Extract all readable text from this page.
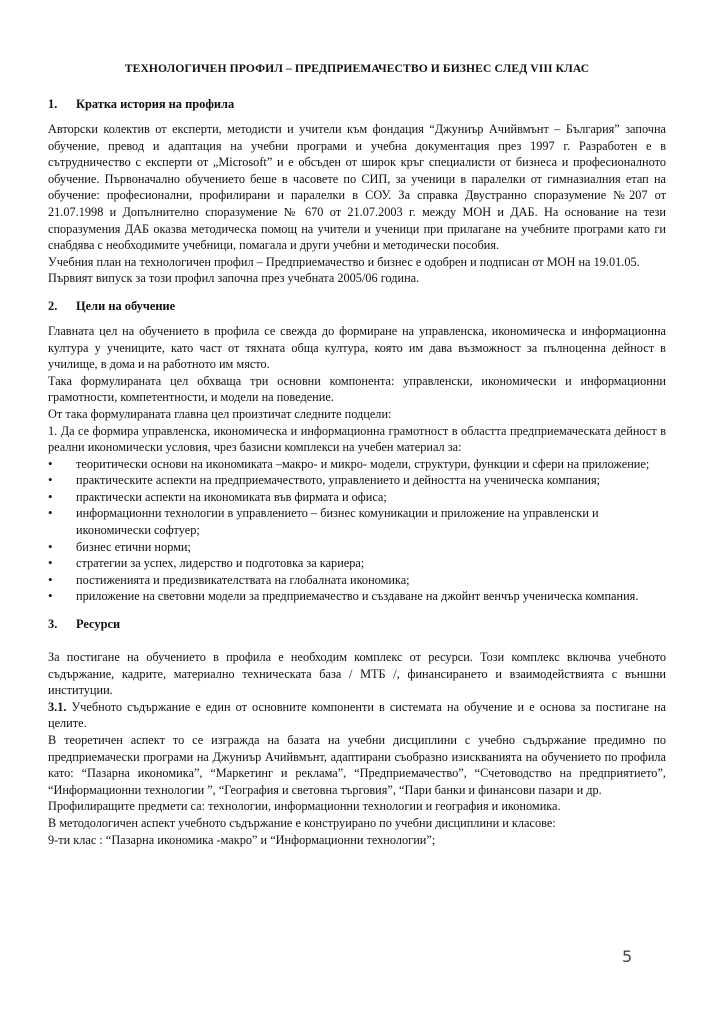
ТЕХНОЛОГИЧЕН ПРОФИЛ – ПРЕДПРИЕМАЧЕСТВО И БИЗНЕС СЛЕД VIII КЛАС
1.	Кратка история на профила

Авторски колектив от експерти, методисти и учители към фондация “Джуниър Ачийвмънт – България” започна обучение, превод и адаптация на учебни програми и учебна документация през 1997 г. Разработен е в сътрудничество с експерти от „Microsoft” и е обсъден от широк кръг специалисти от бизнеса и професионалното обучение. Първоначално обучението беше в часовете по СИП, за ученици в паралелки от гимназиалния етап на обучение: професионални, профилирани и паралелки в СОУ. За справка Двустранно споразумение №207 от 21.07.1998 и Допълнително споразумение № 670 от 21.07.2003 г. между МОН и ДАБ. На основание на тези споразумения ДАБ оказва методическа помощ на учители и ученици при прилагане на учебните програми като ги снабдява с необходимите учебници, помагала и други учебни и методически пособия.

Учебния план на технологичен профил – Предприемачество и бизнес е одобрен и подписан от МОН на 19.01.05.

Първият випуск за този профил започна през учебната 2005/06 година.

2.	Цели на обучение

Главната цел на обучението в профила се свежда до формиране на управленска, икономическа и информационна култура у учениците, като част от тяхната обща култура, която им дава възможност за пълноценна дейност в училище, в дома и на работното им място.

Така формулираната цел обхваща три основни компонента: управленски, икономически и информационни грамотности, компетентности, и модели на поведение.

От така формулираната главна цел произтичат следните подцели:

1. Да се формира управленска, икономическа и информационна грамотност в областта предприемаческата дейност в реални икономически условия, чрез базисни комплекси на учебен материал за:

•	теоритически основи на икономиката –макро- и микро- модели, структури, функции и сфери на приложение;
•	практическите аспекти на предприемачеството, управлението и дейността на ученическа компания;
•	практически аспекти на икономиката във фирмата и офиса;
•	информационни технологии в управлението – бизнес комуникации и приложение на управленски и икономически софтуер;
•	бизнес етични норми;
•	стратегии за успех, лидерство и подготовка за кариера;
•	постиженията и предизвикателствата на глобалната икономика;
•	приложение на световни модели за предприемачество и създаване на джойнт венчър ученическа компания.
3.	Ресурси

За постигане на обучението в профила е необходим комплекс от ресурси. Този комплекс включва учебното съдържание, кадрите, материално техническата база / МТБ /, финансирането и взаимодействията с външни институции.

3.1. Учебното съдържание е един от основните компоненти в системата на обучение и е основа за постигане на целите.

В теоретичен аспект то се изгражда на базата на учебни дисциплини с учебно съдържание предимно по предприемачески програми на Джуниър Ачийвмънт, адаптирани съобразно изискванията на обучението по профила като: “Пазарна икономика”, “Маркетинг и реклама”, “Предприемачество”, “Счетоводство на предприятието”, “Информационни технологии ”, “География и световна търговия”, “Пари банки и финансови пазари и др.

Профилиращите предмети са: технологии, информационни технологии и география и икономика.

В методологичен аспект учебното съдържание е конструирано по учебни дисциплини и класове:

9-ти клас : “Пазарна икономика -макро” и “Информационни технологии”;

5
